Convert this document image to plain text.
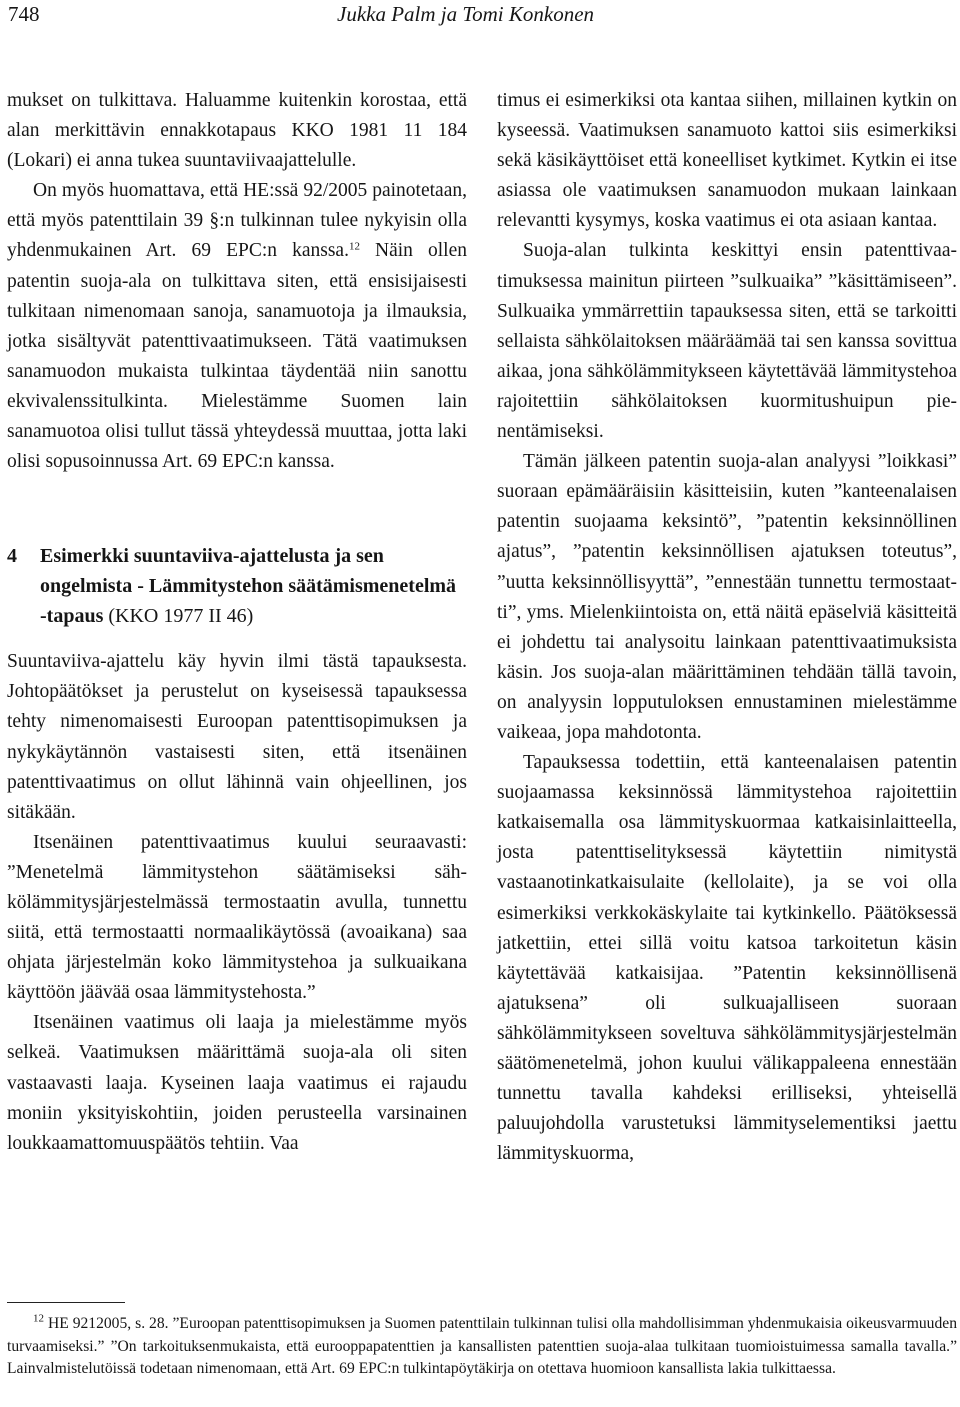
748	Jukka Palm ja Tomi Konkonen

mukset on tulkittava. Haluamme kuitenkin korostaa, että alan merkittävin ennakkotapaus KKO 1981 11 184 (Lokari) ei anna tukea suuntaviivaajattelulle.

On myös huomattava, että HE:ssä 92/2005 painotetaan, että myös patenttilain 39 §:n tulkinnan tulee nykyisin olla yhdenmukainen Art. 69 EPC:n kanssa.$^{12}$ Näin ollen patentin suoja-ala on tulkittava siten, että ensisijaisesti tulkitaan nimenomaan sanoja, sanamuotoja ja ilmauksia, jotka sisältyvät patenttivaatimukseen. Tätä vaatimuksen sanamuodon mukaista tulkintaa täydentää niin sanottu ekvivalenssitulkinta. Mielestämme Suomen lain sanamuotoa olisi tullut tässä yhteydessä muuttaa, jotta laki olisi sopusoinnussa Art. 69 EPC:n kanssa.

4	Esimerkki suuntaviiva-ajattelusta ja sen ongelmista - Lämmitystehon säätämismenetelmä -tapaus (KKO 1977 II 46)

Suuntaviiva-ajattelu käy hyvin ilmi tästä tapauksesta. Johtopäätökset ja perustelut on kyseisessä tapauksessa tehty nimenomaisesti Euroopan patenttisopimuksen ja nykykäytännön vastaisesti siten, että itsenäinen patenttivaatimus on ollut lähinnä vain ohjeellinen, jos sitäkään.

Itsenäinen patenttivaatimus kuului seuraavasti: ”Menetelmä lämmitystehon säätämiseksi sähkölämmitysjärjestelmässä termostaatin avulla, tunnettu siitä, että termostaatti normaalikäytössä (avoaikana) saa ohjata järjestelmän koko lämmitystehoa ja sulkuaikana käyttöön jäävää osaa lämmitystehosta.”

Itsenäinen vaatimus oli laaja ja mielestämme myös selkeä. Vaatimuksen määrittämä suoja-ala oli siten vastaavasti laaja. Kyseinen laaja vaatimus ei rajaudu moniin yksityiskohtiin, joiden perusteella varsinainen loukkaamattomuuspäätös tehtiin. Vaa

timus ei esimerkiksi ota kantaa siihen, millainen kytkin on kyseessä. Vaatimuksen sanamuoto kattoi siis esimerkiksi sekä käsikäyttöiset että koneelliset kytkimet. Kytkin ei itse asiassa ole vaatimuksen sanamuodon mukaan lainkaan relevantti kysymys, koska vaatimus ei ota asiaan kantaa.

Suoja-alan tulkinta keskittyi ensin patenttivaatimuksessa mainitun piirteen ”sulkuaika” ”käsittämiseen”. Sulkuaika ymmärrettiin tapauksessa siten, että se tarkoitti sellaista sähkölaitoksen määräämää tai sen kanssa sovittua aikaa, jona sähkölämmitykseen käytettävää lämmitystehoa rajoitettiin sähkölaitoksen kuormitushuipun pienentämiseksi.

Tämän jälkeen patentin suoja-alan analyysi ”loikkasi” suoraan epämääräisiin käsitteisiin, kuten ”kanteenalaisen patentin suojaama keksintö”, ”patentin keksinnöllinen ajatus”, ”patentin keksinnöllisen ajatuksen toteutus”, ”uutta keksinnöllisyyttä”, ”ennestään tunnettu termostaatti”, yms. Mielenkiintoista on, että näitä epäselviä käsitteitä ei johdettu tai analysoitu lainkaan patenttivaatimuksista käsin. Jos suoja-alan määrittäminen tehdään tällä tavoin, on analyysin lopputuloksen ennustaminen mielestämme vaikeaa, jopa mahdotonta.

Tapauksessa todettiin, että kanteenalaisen patentin suojaamassa keksinnössä lämmitystehoa rajoitettiin katkaisemalla osa lämmityskuormaa katkaisinlaitteella, josta patenttiselityksessä käytettiin nimitystä vastaanotinkatkaisulaite (kellolaite), ja se voi olla esimerkiksi verkkokäskylaite tai kytkinkello. Päätöksessä jatkettiin, ettei sillä voitu katsoa tarkoitetun käsin käytettävää katkaisijaa. ”Patentin keksinnöllisenä ajatuksena” oli sulkuajalliseen suoraan sähkölämmitykseen soveltuva sähkölämmitysjärjestelmän säätömenetelmä, johon kuului välikappaleena ennestään tunnettu tavalla kahdeksi erilliseksi, yhteisellä paluujohdolla varustetuksi lämmityselementiksi jaettu lämmityskuorma,

$^{12}$ HE 9212005, s. 28. ”Euroopan patenttisopimuksen ja Suomen patenttilain tulkinnan tulisi olla mahdollisimman yhdenmukaisia oikeusvarmuuden turvaamiseksi.” ”On tarkoituksenmukaista, että eurooppapatenttien ja kansallisten patenttien suoja-alaa tulkitaan tuomioistuimessa samalla tavalla.” Lainvalmistelutöissä todetaan nimenomaan, että Art. 69 EPC:n tulkintapöytäkirja on otettava huomioon kansallista lakia tulkittaessa.
